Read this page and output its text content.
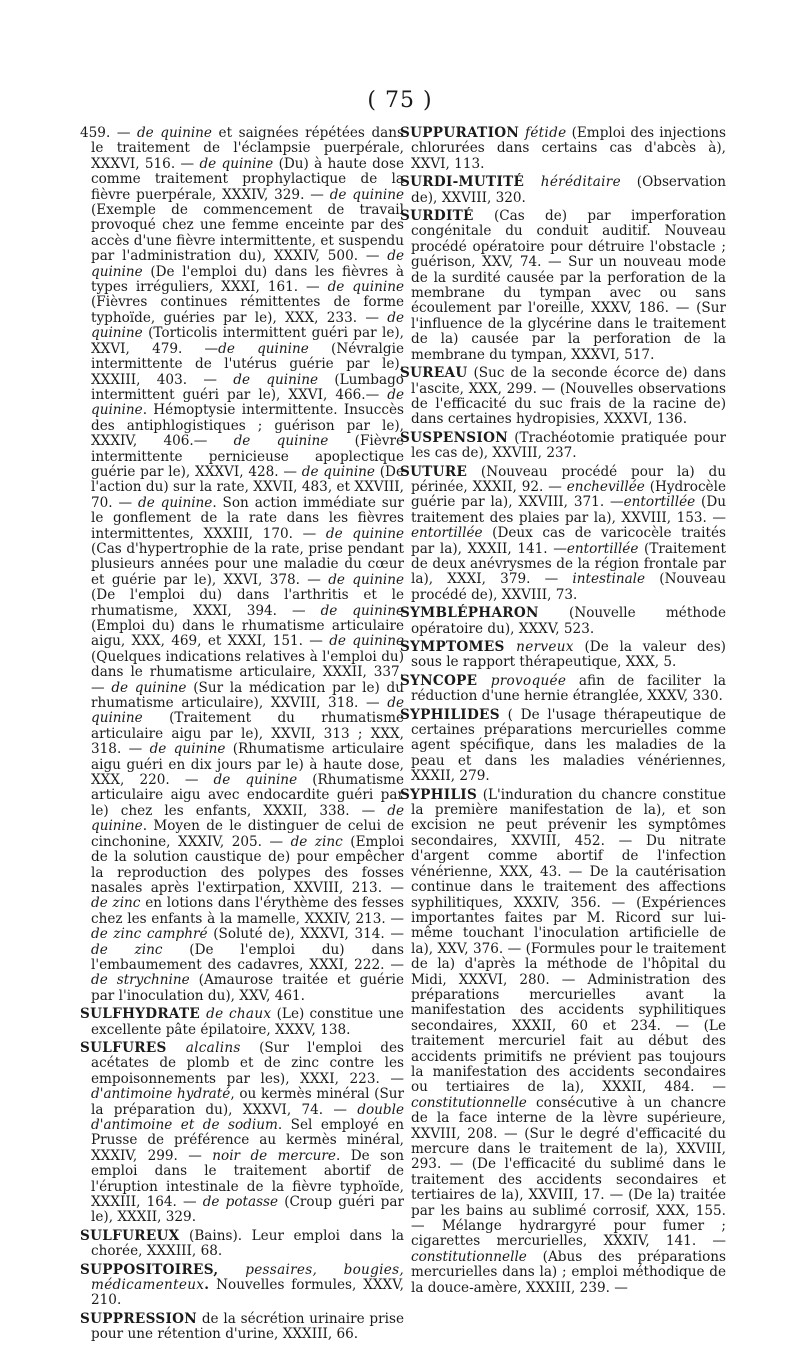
( 75 )

459. — de quinine et saignées répétées dans le traitement de l'éclampsie puerpérale, XXXVI, 516. — de quinine (Du) à haute dose comme traitement prophylactique de la fièvre puerpérale, XXXIV, 329. — de quinine (Exemple de commencement de travail provoqué chez une femme enceinte par des accès d'une fièvre intermittente, et suspendu par l'administration du), XXXIV, 500. — de quinine (De l'emploi du) dans les fièvres à types irréguliers, XXXI, 161. — de quinine (Fièvres continues rémittentes de forme typhoïde, guéries par le), XXX, 233. — de quinine (Torticolis intermittent guéri par le), XXVI, 479. —de quinine (Névralgie intermittente de l'utérus guérie par le), XXXIII, 403. — de quinine (Lumbago intermittent guéri par le), XXVI, 466.— de quinine. Hémoptysie intermittente. Insuccès des antiphlogistiques ; guérison par le), XXXIV, 406.— de quinine (Fièvre intermittente pernicieuse apoplectique guérie par le), XXXVI, 428. — de quinine (De l'action du) sur la rate, XXVII, 483, et XXVIII, 70. — de quinine. Son action immédiate sur le gonflement de la rate dans les fièvres intermittentes, XXXIII, 170. — de quinine (Cas d'hypertrophie de la rate, prise pendant plusieurs années pour une maladie du cœur et guérie par le), XXVI, 378. — de quinine (De l'emploi du) dans l'arthritis et le rhumatisme, XXXI, 394. — de quinine (Emploi du) dans le rhumatisme articulaire aigu, XXX, 469, et XXXI, 151. — de quinine (Quelques indications relatives à l'emploi du) dans le rhumatisme articulaire, XXXII, 337. — de quinine (Sur la médication par le) du rhumatisme articulaire), XXVIII, 318. — de quinine (Traitement du rhumatisme articulaire aigu par le), XXVII, 313 ; XXX, 318. — de quinine (Rhumatisme articulaire aigu guéri en dix jours par le) à haute dose, XXX, 220. — de quinine (Rhumatisme articulaire aigu avec endocardite guéri par le) chez les enfants, XXXII, 338. — de quinine. Moyen de le distinguer de celui de cinchonine, XXXIV, 205. — de zinc (Emploi de la solution caustique de) pour empêcher la reproduction des polypes des fosses nasales après l'extirpation, XXVIII, 213. — de zinc en lotions dans l'érythème des fesses chez les enfants à la mamelle, XXXIV, 213. — de zinc camphré (Soluté de), XXXVI, 314. —de zinc (De l'emploi du) dans l'embaumement des cadavres, XXXI, 222. — de strychnine (Amaurose traitée et guérie par l'inoculation du), XXV, 461.

SULFHYDRATE de chaux (Le) constitue une excellente pâte épilatoire, XXXV, 138.

SULFURES alcalins (Sur l'emploi des acétates de plomb et de zinc contre les empoisonnements par les), XXXI, 223. — d'antimoine hydraté, ou kermès minéral (Sur la préparation du), XXXVI, 74. — double d'antimoine et de sodium. Sel employé en Prusse de préférence au kermès minéral, XXXIV, 299. — noir de mercure. De son emploi dans le traitement abortif de l'éruption intestinale de la fièvre typhoïde, XXXIII, 164. — de potasse (Croup guéri par le), XXXII, 329.

SULFUREUX (Bains). Leur emploi dans la chorée, XXXIII, 68.

SUPPOSITOIRES, pessaires, bougies, médicamenteux. Nouvelles formules, XXXV, 210.

SUPPRESSION de la sécrétion urinaire prise pour une rétention d'urine, XXXIII, 66.

SUPPURATION fétide (Emploi des injections chlorurées dans certains cas d'abcès à), XXVI, 113.

SURDI-MUTITÉ héréditaire (Observation de), XXVIII, 320.

SURDITÉ (Cas de) par imperforation congénitale du conduit auditif. Nouveau procédé opératoire pour détruire l'obstacle ; guérison, XXV, 74. — Sur un nouveau mode de la surdité causée par la perforation de la membrane du tympan avec ou sans écoulement par l'oreille, XXXV, 186. — (Sur l'influence de la glycérine dans le traitement de la) causée par la perforation de la membrane du tympan, XXXVI, 517.

SUREAU (Suc de la seconde écorce de) dans l'ascite, XXX, 299. — (Nouvelles observations de l'efficacité du suc frais de la racine de) dans certaines hydropisies, XXXVI, 136.

SUSPENSION (Trachéotomie pratiquée pour les cas de), XXVIII, 237.

SUTURE (Nouveau procédé pour la) du périnée, XXXII, 92. — enchevillée (Hydrocèle guérie par la), XXVIII, 371. —entortillée (Du traitement des plaies par la), XXVIII, 153. — entortillée (Deux cas de varicocèle traités par la), XXXII, 141. —entortillée (Traitement de deux anévrysmes de la région frontale par la), XXXI, 379. — intestinale (Nouveau procédé de), XXVIII, 73.

SYMBLÉPHARON (Nouvelle méthode opératoire du), XXXV, 523.

SYMPTOMES nerveux (De la valeur des) sous le rapport thérapeutique, XXX, 5.

SYNCOPE provoquée afin de faciliter la réduction d'une hernie étranglée, XXXV, 330.

SYPHILIDES ( De l'usage thérapeutique de certaines préparations mercurielles comme agent spécifique, dans les maladies de la peau et dans les maladies vénériennes, XXXII, 279.

SYPHILIS (L'induration du chancre constitue la première manifestation de la), et son excision ne peut prévenir les symptômes secondaires, XXVIII, 452. — Du nitrate d'argent comme abortif de l'infection vénérienne, XXX, 43. — De la cautérisation continue dans le traitement des affections syphilitiques, XXXIV, 356. — (Expériences importantes faites par M. Ricord sur lui-même touchant l'inoculation artificielle de la), XXV, 376. — (Formules pour le traitement de la) d'après la méthode de l'hôpital du Midi, XXXVI, 280. — Administration des préparations mercurielles avant la manifestation des accidents syphilitiques secondaires, XXXII, 60 et 234. — (Le traitement mercuriel fait au début des accidents primitifs ne prévient pas toujours la manifestation des accidents secondaires ou tertiaires de la), XXXII, 484. — constitutionnelle consécutive à un chancre de la face interne de la lèvre supérieure, XXVIII, 208. — (Sur le degré d'efficacité du mercure dans le traitement de la), XXVIII, 293. — (De l'efficacité du sublimé dans le traitement des accidents secondaires et tertiaires de la), XXVIII, 17. — (De la) traitée par les bains au sublimé corrosif, XXX, 155. — Mélange hydrargyré pour fumer ; cigarettes mercurielles, XXXIV, 141. —constitutionnelle (Abus des préparations mercurielles dans la) ; emploi méthodique de la douce-amère, XXXIII, 239. —
